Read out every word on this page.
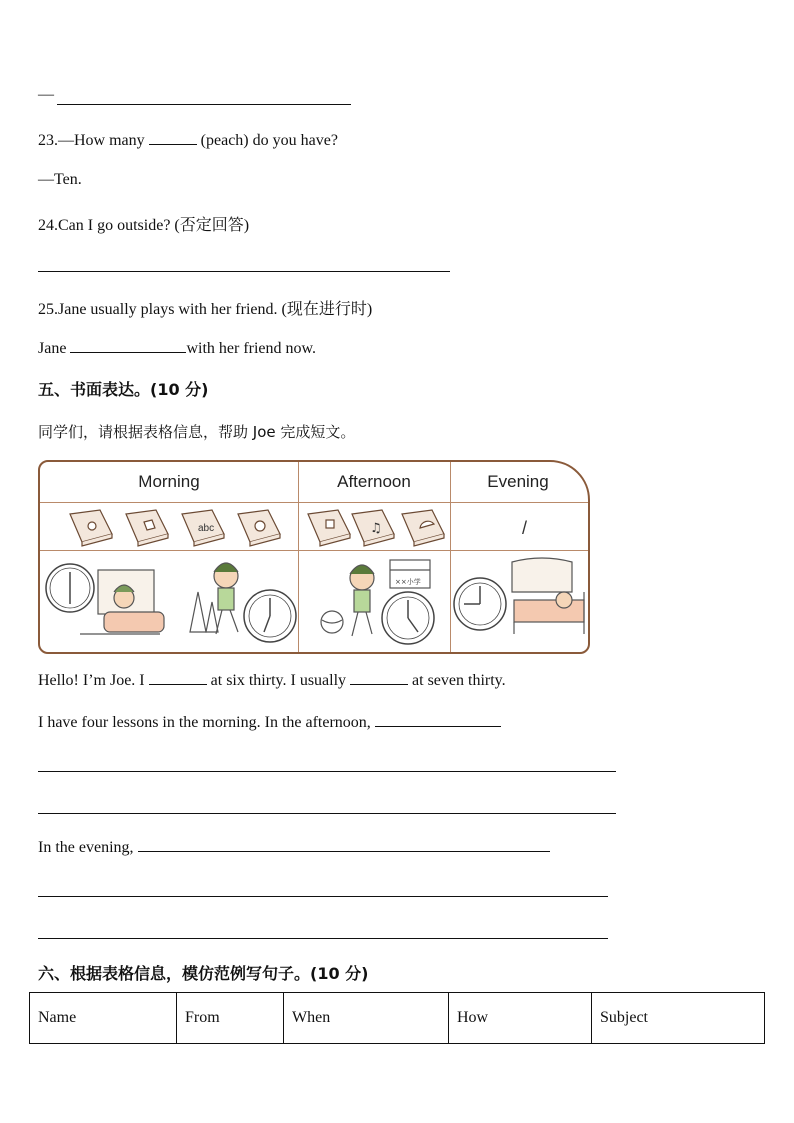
—
23.—How many	(peach) do you have?
—Ten.
24.Can I go outside? (否定回答)
25.Jane usually plays with her friend. (现在进行时)
Jane	with her friend now.
五、书面表达。(10 分)
同学们，请根据表格信息，帮助 Joe 完成短文。
Morning	Afternoon	Evening
abc	♫	/
××小学
Hello! I’m Joe. I	at six thirty. I usually	at seven thirty.
I have four lessons in the morning. In the afternoon,
In the evening,
六、根据表格信息，模仿范例写句子。(10 分)
Name	From	When	How	Subject
